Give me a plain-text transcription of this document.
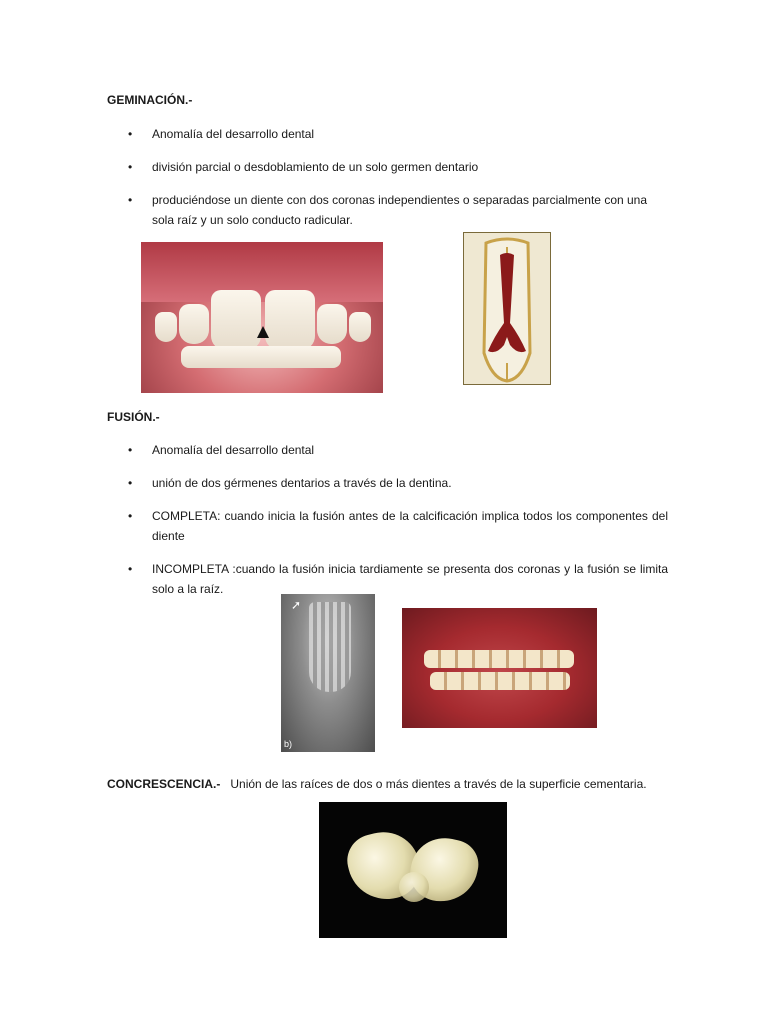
GEMINACIÓN.-
• Anomalía del desarrollo dental
• división parcial o desdoblamiento de un solo germen dentario
• produciéndose un diente con dos coronas independientes o separadas parcialmente con una sola raíz y un solo conducto radicular.
FUSIÓN.-
• Anomalía del desarrollo dental
• unión de dos gérmenes dentarios a través de la dentina.
• COMPLETA: cuando inicia la fusión antes de la calcificación implica todos los componentes del diente
• INCOMPLETA :cuando la fusión inicia tardiamente se presenta dos coronas y la fusión se limita solo a la raíz.
➚
b)
CONCRESCENCIA.- Unión de las raíces de dos o más dientes a través de la superficie cementaria.
